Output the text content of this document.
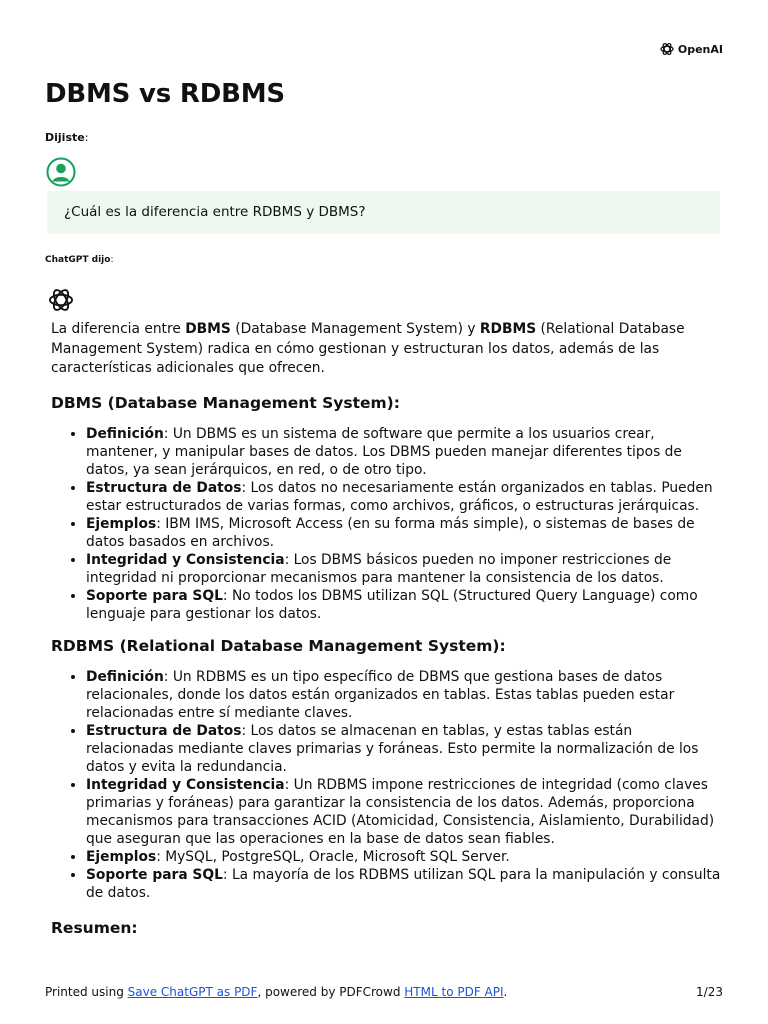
OpenAI
DBMS vs RDBMS
Dijiste:
¿Cuál es la diferencia entre RDBMS y DBMS?
ChatGPT dijo:

La diferencia entre DBMS (Database Management System) y RDBMS (Relational Database Management System) radica en cómo gestionan y estructuran los datos, además de las características adicionales que ofrecen.

DBMS (Database Management System):
• Definición: Un DBMS es un sistema de software que permite a los usuarios crear, mantener, y manipular bases de datos. Los DBMS pueden manejar diferentes tipos de datos, ya sean jerárquicos, en red, o de otro tipo.
• Estructura de Datos: Los datos no necesariamente están organizados en tablas. Pueden estar estructurados de varias formas, como archivos, gráficos, o estructuras jerárquicas.
• Ejemplos: IBM IMS, Microsoft Access (en su forma más simple), o sistemas de bases de datos basados en archivos.
• Integridad y Consistencia: Los DBMS básicos pueden no imponer restricciones de integridad ni proporcionar mecanismos para mantener la consistencia de los datos.
• Soporte para SQL: No todos los DBMS utilizan SQL (Structured Query Language) como lenguaje para gestionar los datos.
RDBMS (Relational Database Management System):
• Definición: Un RDBMS es un tipo específico de DBMS que gestiona bases de datos relacionales, donde los datos están organizados en tablas. Estas tablas pueden estar relacionadas entre sí mediante claves.
• Estructura de Datos: Los datos se almacenan en tablas, y estas tablas están relacionadas mediante claves primarias y foráneas. Esto permite la normalización de los datos y evita la redundancia.
• Integridad y Consistencia: Un RDBMS impone restricciones de integridad (como claves primarias y foráneas) para garantizar la consistencia de los datos. Además, proporciona mecanismos para transacciones ACID (Atomicidad, Consistencia, Aislamiento, Durabilidad) que aseguran que las operaciones en la base de datos sean fiables.
• Ejemplos: MySQL, PostgreSQL, Oracle, Microsoft SQL Server.
• Soporte para SQL: La mayoría de los RDBMS utilizan SQL para la manipulación y consulta de datos.
Resumen:
Printed using Save ChatGPT as PDF, powered by PDFCrowd HTML to PDF API.	1/23
